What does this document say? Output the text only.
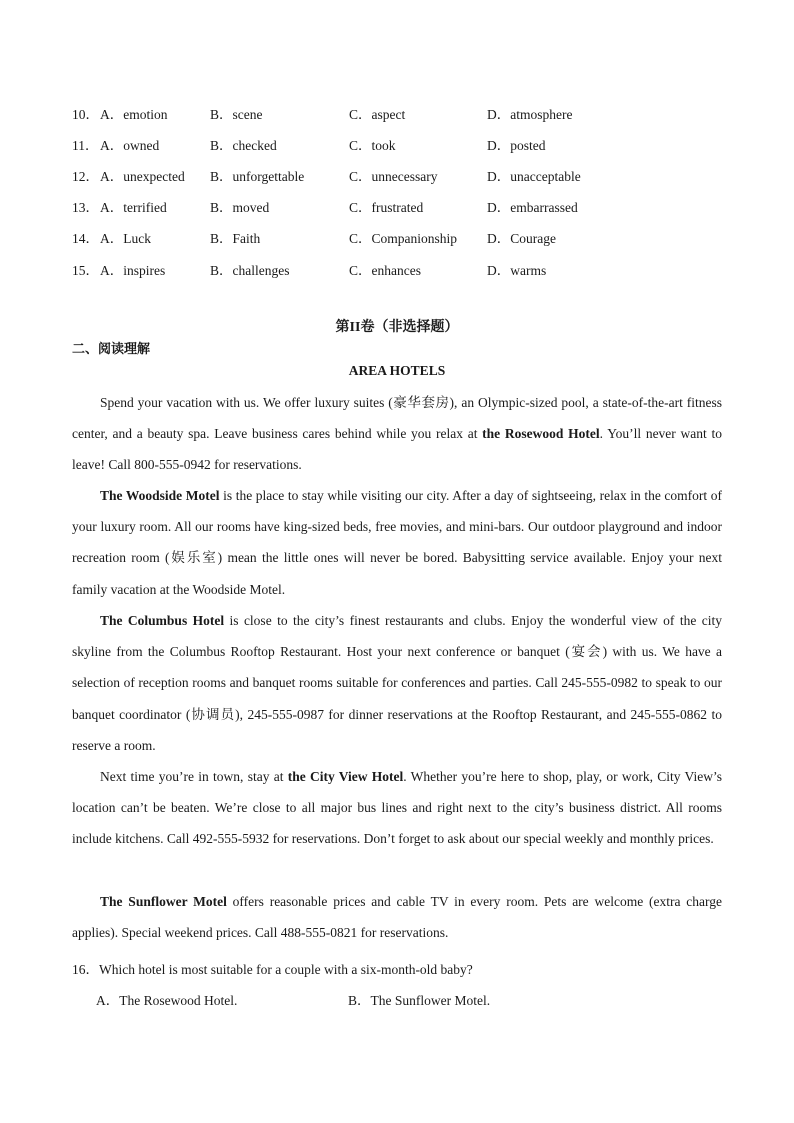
10． A．emotion	B．scene	C．aspect	D．atmosphere
11． A．owned	B．checked	C．took	D．posted
12． A．unexpected B．unforgettable	C．unnecessary	D．unacceptable
13． A．terrified	B．moved	C．frustrated	D．embarrassed
14． A．Luck	B．Faith	C．Companionship D．Courage
15． A．inspires	B．challenges	C．enhances	D．warms
第II卷（非选择题）
二、阅读理解
AREA HOTELS

Spend your vacation with us. We offer luxury suites (豪华套房), an Olympic-sized pool, a state-of-the-art fitness center, and a beauty spa. Leave business cares behind while you relax at the Rosewood Hotel. You’ll never want to leave! Call 800-555-0942 for reservations.

The Woodside Motel is the place to stay while visiting our city. After a day of sightseeing, relax in the comfort of your luxury room. All our rooms have king-sized beds, free movies, and mini-bars. Our outdoor playground and indoor recreation room (娱乐室) mean the little ones will never be bored. Babysitting service available. Enjoy your next family vacation at the Woodside Motel.

The Columbus Hotel is close to the city’s finest restaurants and clubs. Enjoy the wonderful view of the city skyline from the Columbus Rooftop Restaurant. Host your next conference or banquet (宴会) with us. We have a selection of reception rooms and banquet rooms suitable for conferences and parties. Call 245-555-0982 to speak to our banquet coordinator (协调员), 245-555-0987 for dinner reservations at the Rooftop Restaurant, and 245-555-0862 to reserve a room.

Next time you’re in town, stay at the City View Hotel. Whether you’re here to shop, play, or work, City View’s location can’t be beaten. We’re close to all major bus lines and right next to the city’s business district. All rooms include kitchens. Call 492-555-5932 for reservations. Don’t forget to ask about our special weekly and monthly prices.

The Sunflower Motel offers reasonable prices and cable TV in every room. Pets are welcome (extra charge applies). Special weekend prices. Call 488-555-0821 for reservations.

16．Which hotel is most suitable for a couple with a six-month-old baby?
A．The Rosewood Hotel.	B．The Sunflower Motel.
